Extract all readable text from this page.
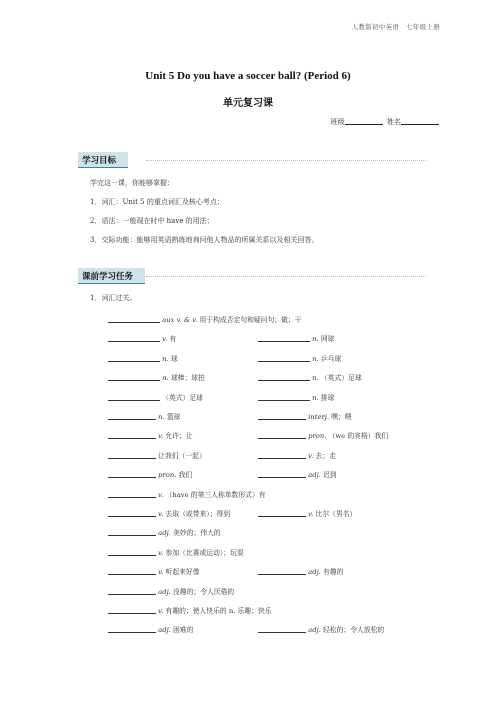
人教版初中英语　七年级上册
Unit 5 Do you have a soccer ball? (Period 6)
单元复习课
班级	姓名
学习目标
学完这一课，你能够掌握：
1．词汇：Unit 5 的重点词汇及核心考点；
2．语法：一般现在时中 have 的用法；
3．交际功能：能够用英语熟练地询问他人物品的所属关系以及相关回答。
课前学习任务
1．词汇过关。
aux v. & v. 用于构成否定句和疑问句；做；干
v. 有	n. 网球
n. 球	n. 乒乓球
n. 球棒；球拍	n. （英式）足球
（英式）足球	n. 排球
n. 篮球	interj. 嘿；喂
v. 允许；让	pron. （we 的宾格）我们
让我们（一起）	v. 去；走
pron. 我们	adj. 迟到
v. （have 的第三人称单数形式）有
v. 去取（或带来）；得到	v. 比尔（男名）
adj. 美妙的；伟大的
v. 参加（比赛或运动）；玩耍
v. 听起来好像	adj. 有趣的
adj. 没趣的；令人厌倦的
v. 有趣的；使人快乐的 n. 乐趣；快乐
adj. 困难的	adj. 轻松的；令人放松的
